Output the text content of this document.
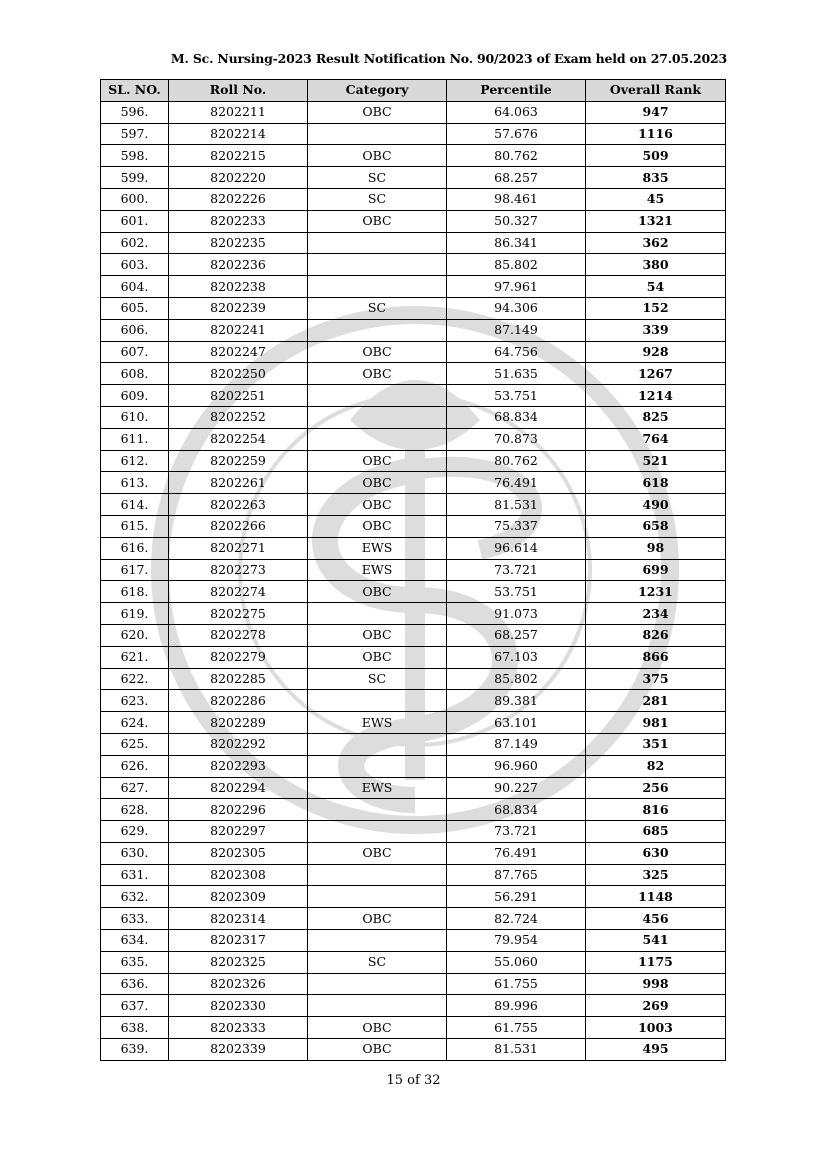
M. Sc. Nursing-2023 Result Notification No. 90/2023 of Exam held on 27.05.2023
SL. NO.	Roll No.	Category	Percentile	Overall Rank
596.	8202211	OBC	64.063	947
597.	8202214		57.676	1116
598.	8202215	OBC	80.762	509
599.	8202220	SC	68.257	835
600.	8202226	SC	98.461	45
601.	8202233	OBC	50.327	1321
602.	8202235		86.341	362
603.	8202236		85.802	380
604.	8202238		97.961	54
605.	8202239	SC	94.306	152
606.	8202241		87.149	339
607.	8202247	OBC	64.756	928
608.	8202250	OBC	51.635	1267
609.	8202251		53.751	1214
610.	8202252		68.834	825
611.	8202254		70.873	764
612.	8202259	OBC	80.762	521
613.	8202261	OBC	76.491	618
614.	8202263	OBC	81.531	490
615.	8202266	OBC	75.337	658
616.	8202271	EWS	96.614	98
617.	8202273	EWS	73.721	699
618.	8202274	OBC	53.751	1231
619.	8202275		91.073	234
620.	8202278	OBC	68.257	826
621.	8202279	OBC	67.103	866
622.	8202285	SC	85.802	375
623.	8202286		89.381	281
624.	8202289	EWS	63.101	981
625.	8202292		87.149	351
626.	8202293		96.960	82
627.	8202294	EWS	90.227	256
628.	8202296		68.834	816
629.	8202297		73.721	685
630.	8202305	OBC	76.491	630
631.	8202308		87.765	325
632.	8202309		56.291	1148
633.	8202314	OBC	82.724	456
634.	8202317		79.954	541
635.	8202325	SC	55.060	1175
636.	8202326		61.755	998
637.	8202330		89.996	269
638.	8202333	OBC	61.755	1003
639.	8202339	OBC	81.531	495
15 of 32
